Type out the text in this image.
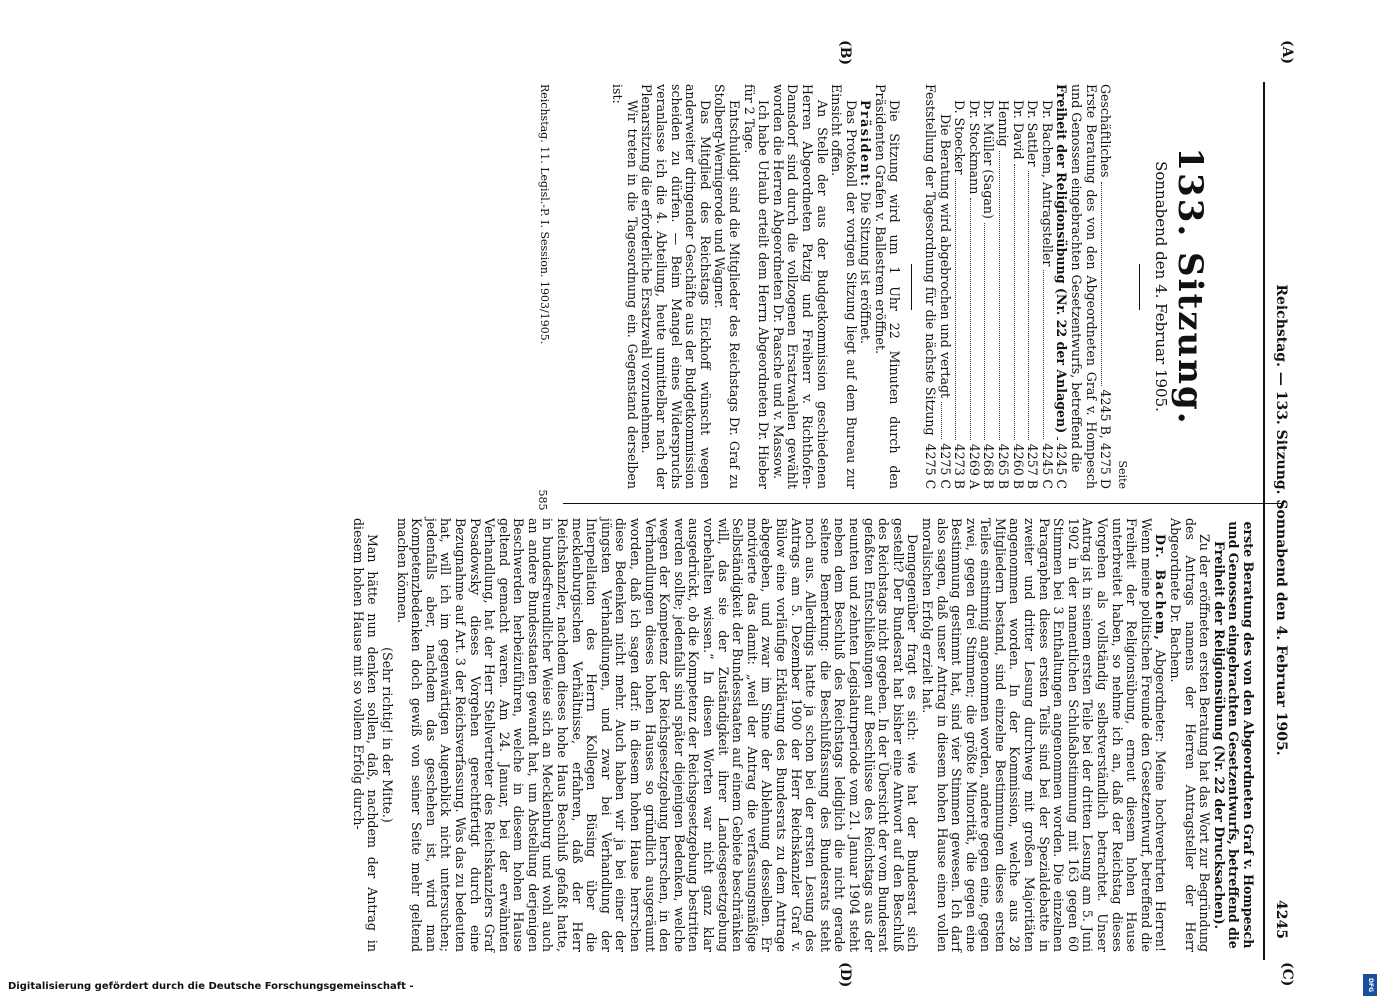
(A)
(B)
Reichstag. — 133. Sitzung. Sonnabend den 4. Februar 1905.
4245
(C)
(D)
133. Sitzung.
Sonnabend den 4. Februar 1905.
Seite
Geschäftliches
4245 B, 4275 D
Erste Beratung des von den Abgeordneten Graf v. Hompesch und Genossen eingebrachten Gesetzentwurfs, betreffend die
Freiheit der Religionsübung (Nr. 22 der Anlagen)
4245 C
Dr. Bachem, Antragsteller
4245 C
Dr. Sattler
4257 B
Dr. David
4260 B
Hennig
4265 B
Dr. Müller (Sagan)
4268 B
Dr. Stockmann
4269 A
D. Stoecker
4273 B
Die Beratung wird abgebrochen und vertagt
4275 C
Feststellung der Tagesordnung für die nächste Sitzung
4275 C

Die Sitzung wird um 1 Uhr 22 Minuten durch den Präsidenten Grafen v. Ballestrem eröffnet.

Präsident: Die Sitzung ist eröffnet.

Das Protokoll der vorigen Sitzung liegt auf dem Bureau zur Einsicht offen.

An Stelle der aus der Budgetkommission geschiedenen Herren Abgeordneten Patzig und Freiherr v. Richthofen-Damsdorf sind durch die vollzogenen Ersatzwahlen gewählt worden die Herren Abgeordneten Dr. Paasche und v. Massow.

Ich habe Urlaub erteilt dem Herrn Abgeordneten Dr. Hieber für 2 Tage.

Entschuldigt sind die Mitglieder des Reichstags Dr. Graf zu Stolberg-Wernigerode und Wagner.

Das Mitglied des Reichstags Eickhoff wünscht wegen anderweiter dringender Geschäfte aus der Budgetkommission scheiden zu dürfen. — Beim Mangel eines Widerspruchs veranlasse ich die 4. Abteilung, heute unmittelbar nach der Plenarsitzung die erforderliche Ersatzwahl vorzunehmen.

Wir treten in die Tagesordnung ein. Gegenstand derselben ist:

erste Beratung des von den Abgeordneten Graf v. Hompesch und Genossen eingebrachten Gesetzentwurfs, betreffend die Freiheit der Religionsübung (Nr. 22 der Drucksachen).

Zu der eröffneten ersten Beratung hat das Wort zur Begründung des Antrags namens der Herren Antragsteller der Herr Abgeordnete Dr. Bachem.

Dr. Bachem, Abgeordneter: Meine hochverehrten Herren! Wenn meine politischen Freunde den Gesetzentwurf, betreffend die Freiheit der Religionsübung, erneut diesem hohen Hause unterbreitet haben, so nehme ich an, daß der Reichstag dieses Vorgehen als vollständig selbstverständlich betrachtet. Unser Antrag ist in seinem ersten Teile bei der dritten Lesung am 5. Juni 1902 in der namentlichen Schlußabstimmung mit 163 gegen 60 Stimmen bei 3 Enthaltungen angenommen worden. Die einzelnen Paragraphen dieses ersten Teils sind bei der Spezialdebatte in zweiter und dritter Lesung durchweg mit großen Majoritäten angenommen worden. In der Kommission, welche aus 28 Mitgliedern bestand, sind einzelne Bestimmungen dieses ersten Teiles einstimmig angenommen worden, andere gegen eine, gegen zwei, gegen drei Stimmen; die größte Minorität, die gegen eine Bestimmung gestimmt hat, sind vier Stimmen gewesen. Ich darf also sagen, daß unser Antrag in diesem hohen Hause einen vollen moralischen Erfolg erzielt hat.

Demgegenüber fragt es sich: wie hat der Bundesrat sich gestellt? Der Bundesrat hat bisher eine Antwort auf den Beschluß des Reichstags nicht gegeben. In der Übersicht der vom Bundesrat gefaßten Entschließungen auf Beschlüsse des Reichstags aus der neunten und zehnten Legislaturperiode vom 21. Januar 1904 steht neben dem Beschluß des Reichstags lediglich die nicht gerade seltene Bemerkung: die Beschlußfassung des Bundesrats steht noch aus. Allerdings hatte ja schon bei der ersten Lesung des Antrags am 5. Dezember 1900 der Herr Reichskanzler Graf v. Bülow eine vorläufige Erklärung des Bundesrats zu dem Antrage abgegeben, und zwar im Sinne der Ablehnung desselben. Er motivierte das damit: „weil der Antrag die verfassungsmäßige Selbständigkeit der Bundesstaaten auf einem Gebiete beschränken will, das sie der Zuständigkeit ihrer Landesgesetzgebung vorbehalten wissen.“ In diesen Worten war nicht ganz klar ausgedrückt, ob die Kompetenz der Reichsgesetzgebung bestritten werden sollte; jedenfalls sind später diejenigen Bedenken, welche wegen der Kompetenz der Reichsgesetzgebung herrschen, in den Verhandlungen dieses hohen Hauses so gründlich ausgeräumt worden, daß ich sagen darf: in diesem hohen Hause herrschen diese Bedenken nicht mehr. Auch haben wir ja bei einer der jüngsten Verhandlungen, und zwar bei Verhandlung der Interpellation des Herrn Kollegen Büsing über die mecklenburgischen Verhältnisse, erfahren, daß der Herr Reichskanzler, nachdem dieses hohe Haus Beschluß gefaßt hatte, in bundesfreundlicher Weise sich an Mecklenburg und wohl auch an andere Bundesstaaten gewandt hat, um Abstellung derjenigen Beschwerden herbeizuführen, welche in diesem hohen Hause geltend gemacht waren. Am 24. Januar, bei der erwähnten Verhandlung, hat der Herr Stellvertreter des Reichskanzlers Graf Posadowsky dieses Vorgehen gerechtfertigt durch eine Bezugnahme auf Art. 3 der Reichsverfassung. Was das zu bedeuten hat, will ich im gegenwärtigen Augenblick nicht untersuchen; jedenfalls aber, nachdem das geschehen ist, wird man Kompetenzbedenken doch gewiß von seiner Seite mehr geltend machen können.

(Sehr richtig! in der Mitte.)

Man hätte nun denken sollen, daß, nachdem der Antrag in diesem hohen Hause mit so vollem Erfolg durch-

Reichstag. 11. Legisl.-P. I. Session. 1903/1905.
585
Digitalisierung gefördert durch die Deutsche Forschungsgemeinschaft -	DFG
